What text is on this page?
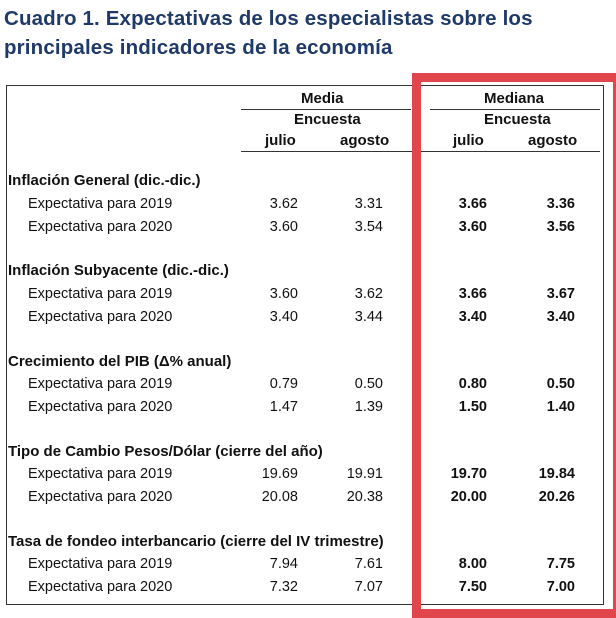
Cuadro 1. Expectativas de los especialistas sobre los
principales indicadores de la economía
Media	Mediana
Encuesta	Encuesta
julio	agosto	julio	agosto
Inflación General (dic.-dic.)
Expectativa para 2019	3.62	3.31	3.66	3.36
Expectativa para 2020	3.60	3.54	3.60	3.56
Inflación Subyacente (dic.-dic.)
Expectativa para 2019	3.60	3.62	3.66	3.67
Expectativa para 2020	3.40	3.44	3.40	3.40
Crecimiento del PIB (Δ% anual)
Expectativa para 2019	0.79	0.50	0.80	0.50
Expectativa para 2020	1.47	1.39	1.50	1.40
Tipo de Cambio Pesos/Dólar (cierre del año)
Expectativa para 2019	19.69	19.91	19.70	19.84
Expectativa para 2020	20.08	20.38	20.00	20.26
Tasa de fondeo interbancario (cierre del IV trimestre)
Expectativa para 2019	7.94	7.61	8.00	7.75
Expectativa para 2020	7.32	7.07	7.50	7.00
